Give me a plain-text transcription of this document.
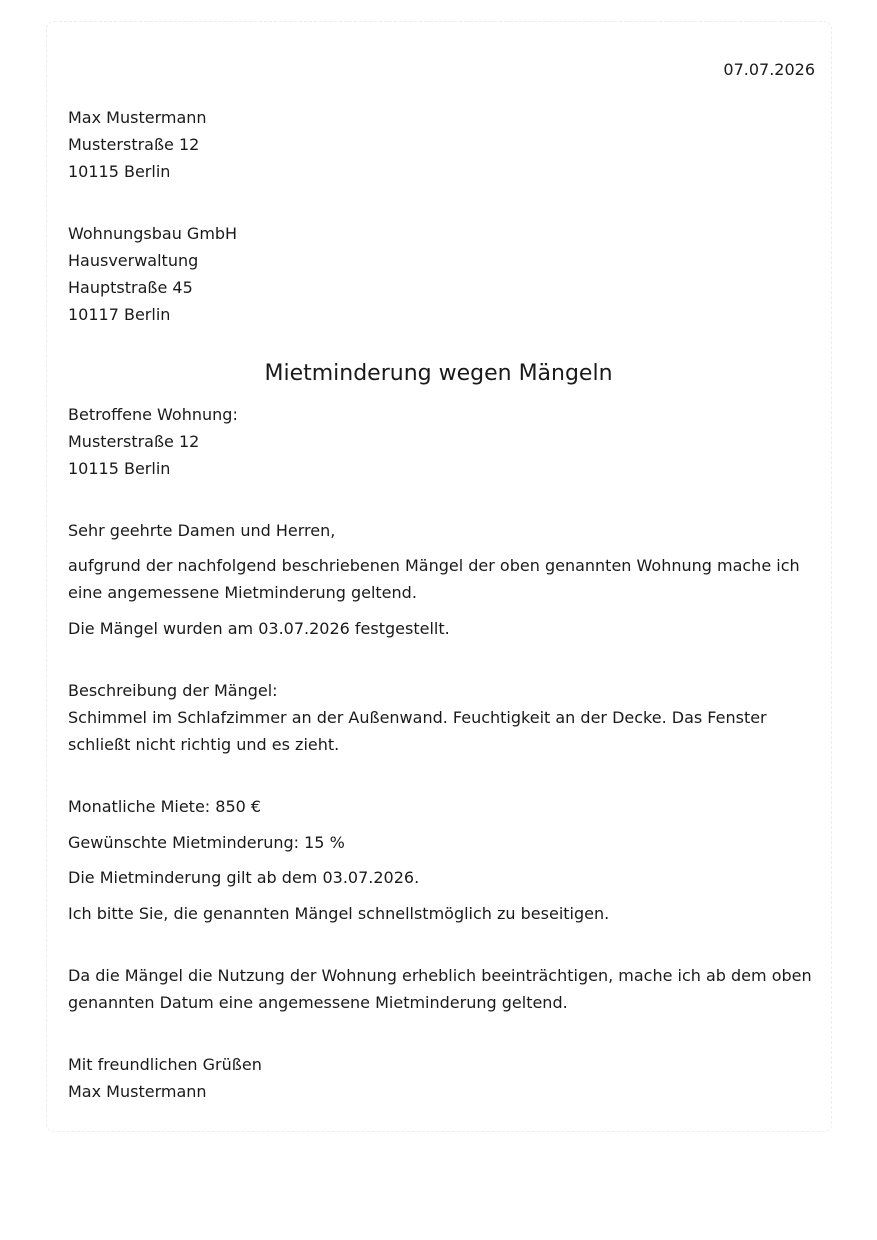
07.07.2026
Max Mustermann
Musterstraße 12
10115 Berlin
Wohnungsbau GmbH
Hausverwaltung
Hauptstraße 45
10117 Berlin
Mietminderung wegen Mängeln
Betroffene Wohnung:
Musterstraße 12
10115 Berlin
Sehr geehrte Damen und Herren,
aufgrund der nachfolgend beschriebenen Mängel der oben genannten Wohnung mache ich
eine angemessene Mietminderung geltend.
Die Mängel wurden am 03.07.2026 festgestellt.
Beschreibung der Mängel:
Schimmel im Schlafzimmer an der Außenwand. Feuchtigkeit an der Decke. Das Fenster
schließt nicht richtig und es zieht.
Monatliche Miete: 850 €
Gewünschte Mietminderung: 15 %
Die Mietminderung gilt ab dem 03.07.2026.
Ich bitte Sie, die genannten Mängel schnellstmöglich zu beseitigen.
Da die Mängel die Nutzung der Wohnung erheblich beeinträchtigen, mache ich ab dem oben
genannten Datum eine angemessene Mietminderung geltend.
Mit freundlichen Grüßen
Max Mustermann
